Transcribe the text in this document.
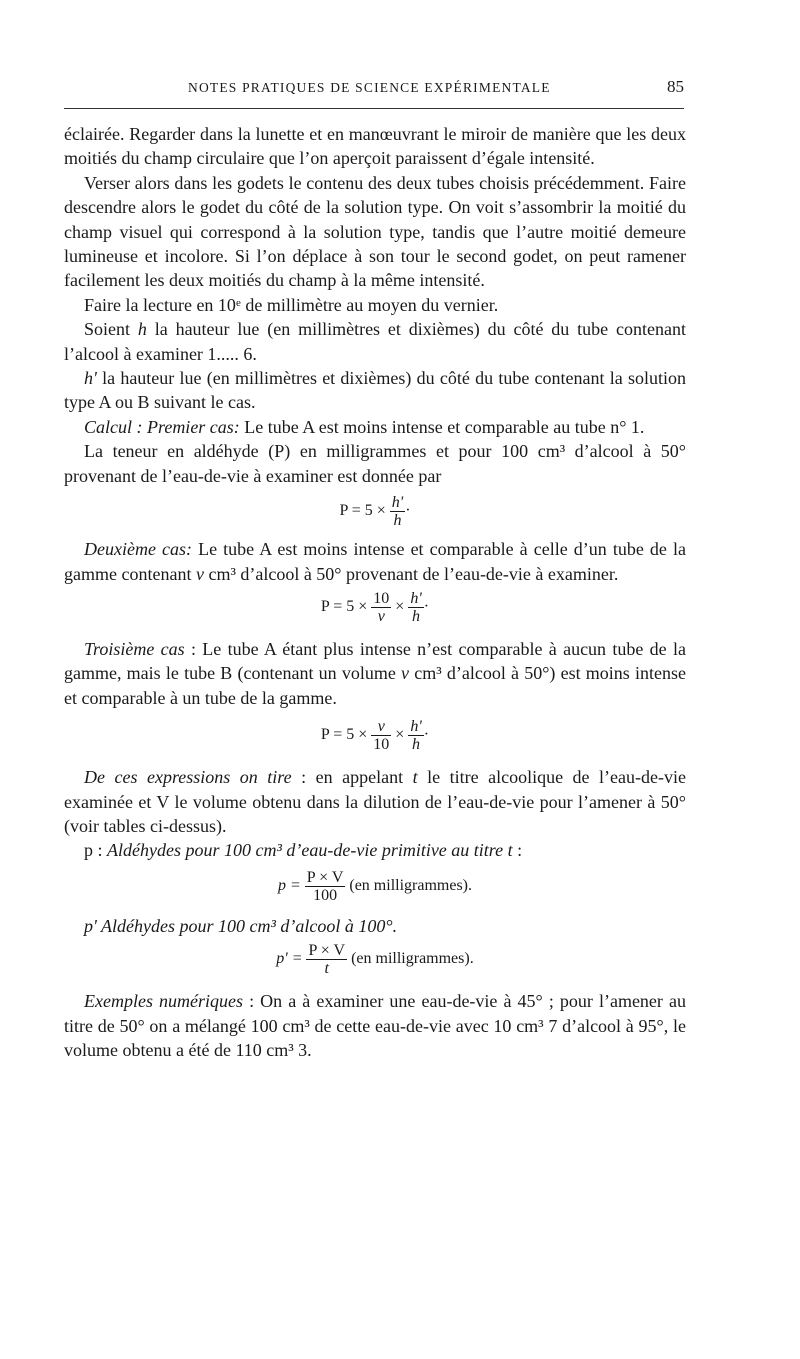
NOTES PRATIQUES DE SCIENCE EXPÉRIMENTALE	85

éclairée. Regarder dans la lunette et en manœuvrant le miroir de manière que les deux moitiés du champ circulaire que l’on aperçoit paraissent d’égale intensité.

Verser alors dans les godets le contenu des deux tubes choisis précédemment. Faire descendre alors le godet du côté de la solution type. On voit s’assombrir la moitié du champ visuel qui correspond à la solution type, tandis que l’autre moitié demeure lumineuse et incolore. Si l’on déplace à son tour le second godet, on peut ramener facilement les deux moitiés du champ à la même intensité.

Faire la lecture en 10e de millimètre au moyen du vernier.

Soient h la hauteur lue (en millimètres et dixièmes) du côté du tube contenant l’alcool à examiner 1..... 6.

h' la hauteur lue (en millimètres et dixièmes) du côté du tube contenant la solution type A ou B suivant le cas.

Calcul : Premier cas: Le tube A est moins intense et comparable au tube n° 1.

La teneur en aldéhyde (P) en milligrammes et pour 100 cm³ d’alcool à 50° provenant de l’eau-de-vie à examiner est donnée par

$P = 5 \times \frac{h'}{h}$ ·

Deuxième cas: Le tube A est moins intense et comparable à celle d’un tube de la gamme contenant v cm³ d’alcool à 50° provenant de l’eau-de-vie à examiner.

$P = 5 \times \frac{10}{v} \times \frac{h'}{h}$ ·

Troisième cas : Le tube A étant plus intense n’est comparable à aucun tube de la gamme, mais le tube B (contenant un volume v cm³ d’alcool à 50°) est moins intense et comparable à un tube de la gamme.

$P = 5 \times \frac{v}{10} \times \frac{h'}{h}$ ·

De ces expressions on tire : en appelant t le titre alcoolique de l’eau-de-vie examinée et V le volume obtenu dans la dilution de l’eau-de-vie pour l’amener à 50° (voir tables ci-dessus).

p : Aldéhydes pour 100 cm³ d’eau-de-vie primitive au titre t :

$p = \frac{P \times V}{100} (en$ milligrammes).

p' Aldéhydes pour 100 cm³ d’alcool à 100°.

$p' = \frac{P \times V}{t} (en$ milligrammes).

Exemples numériques : On a à examiner une eau-de-vie à 45° ; pour l’amener au titre de 50° on a mélangé 100 cm³ de cette eau-de-vie avec 10 cm³ 7 d’alcool à 95°, le volume obtenu a été de 110 cm³ 3.
